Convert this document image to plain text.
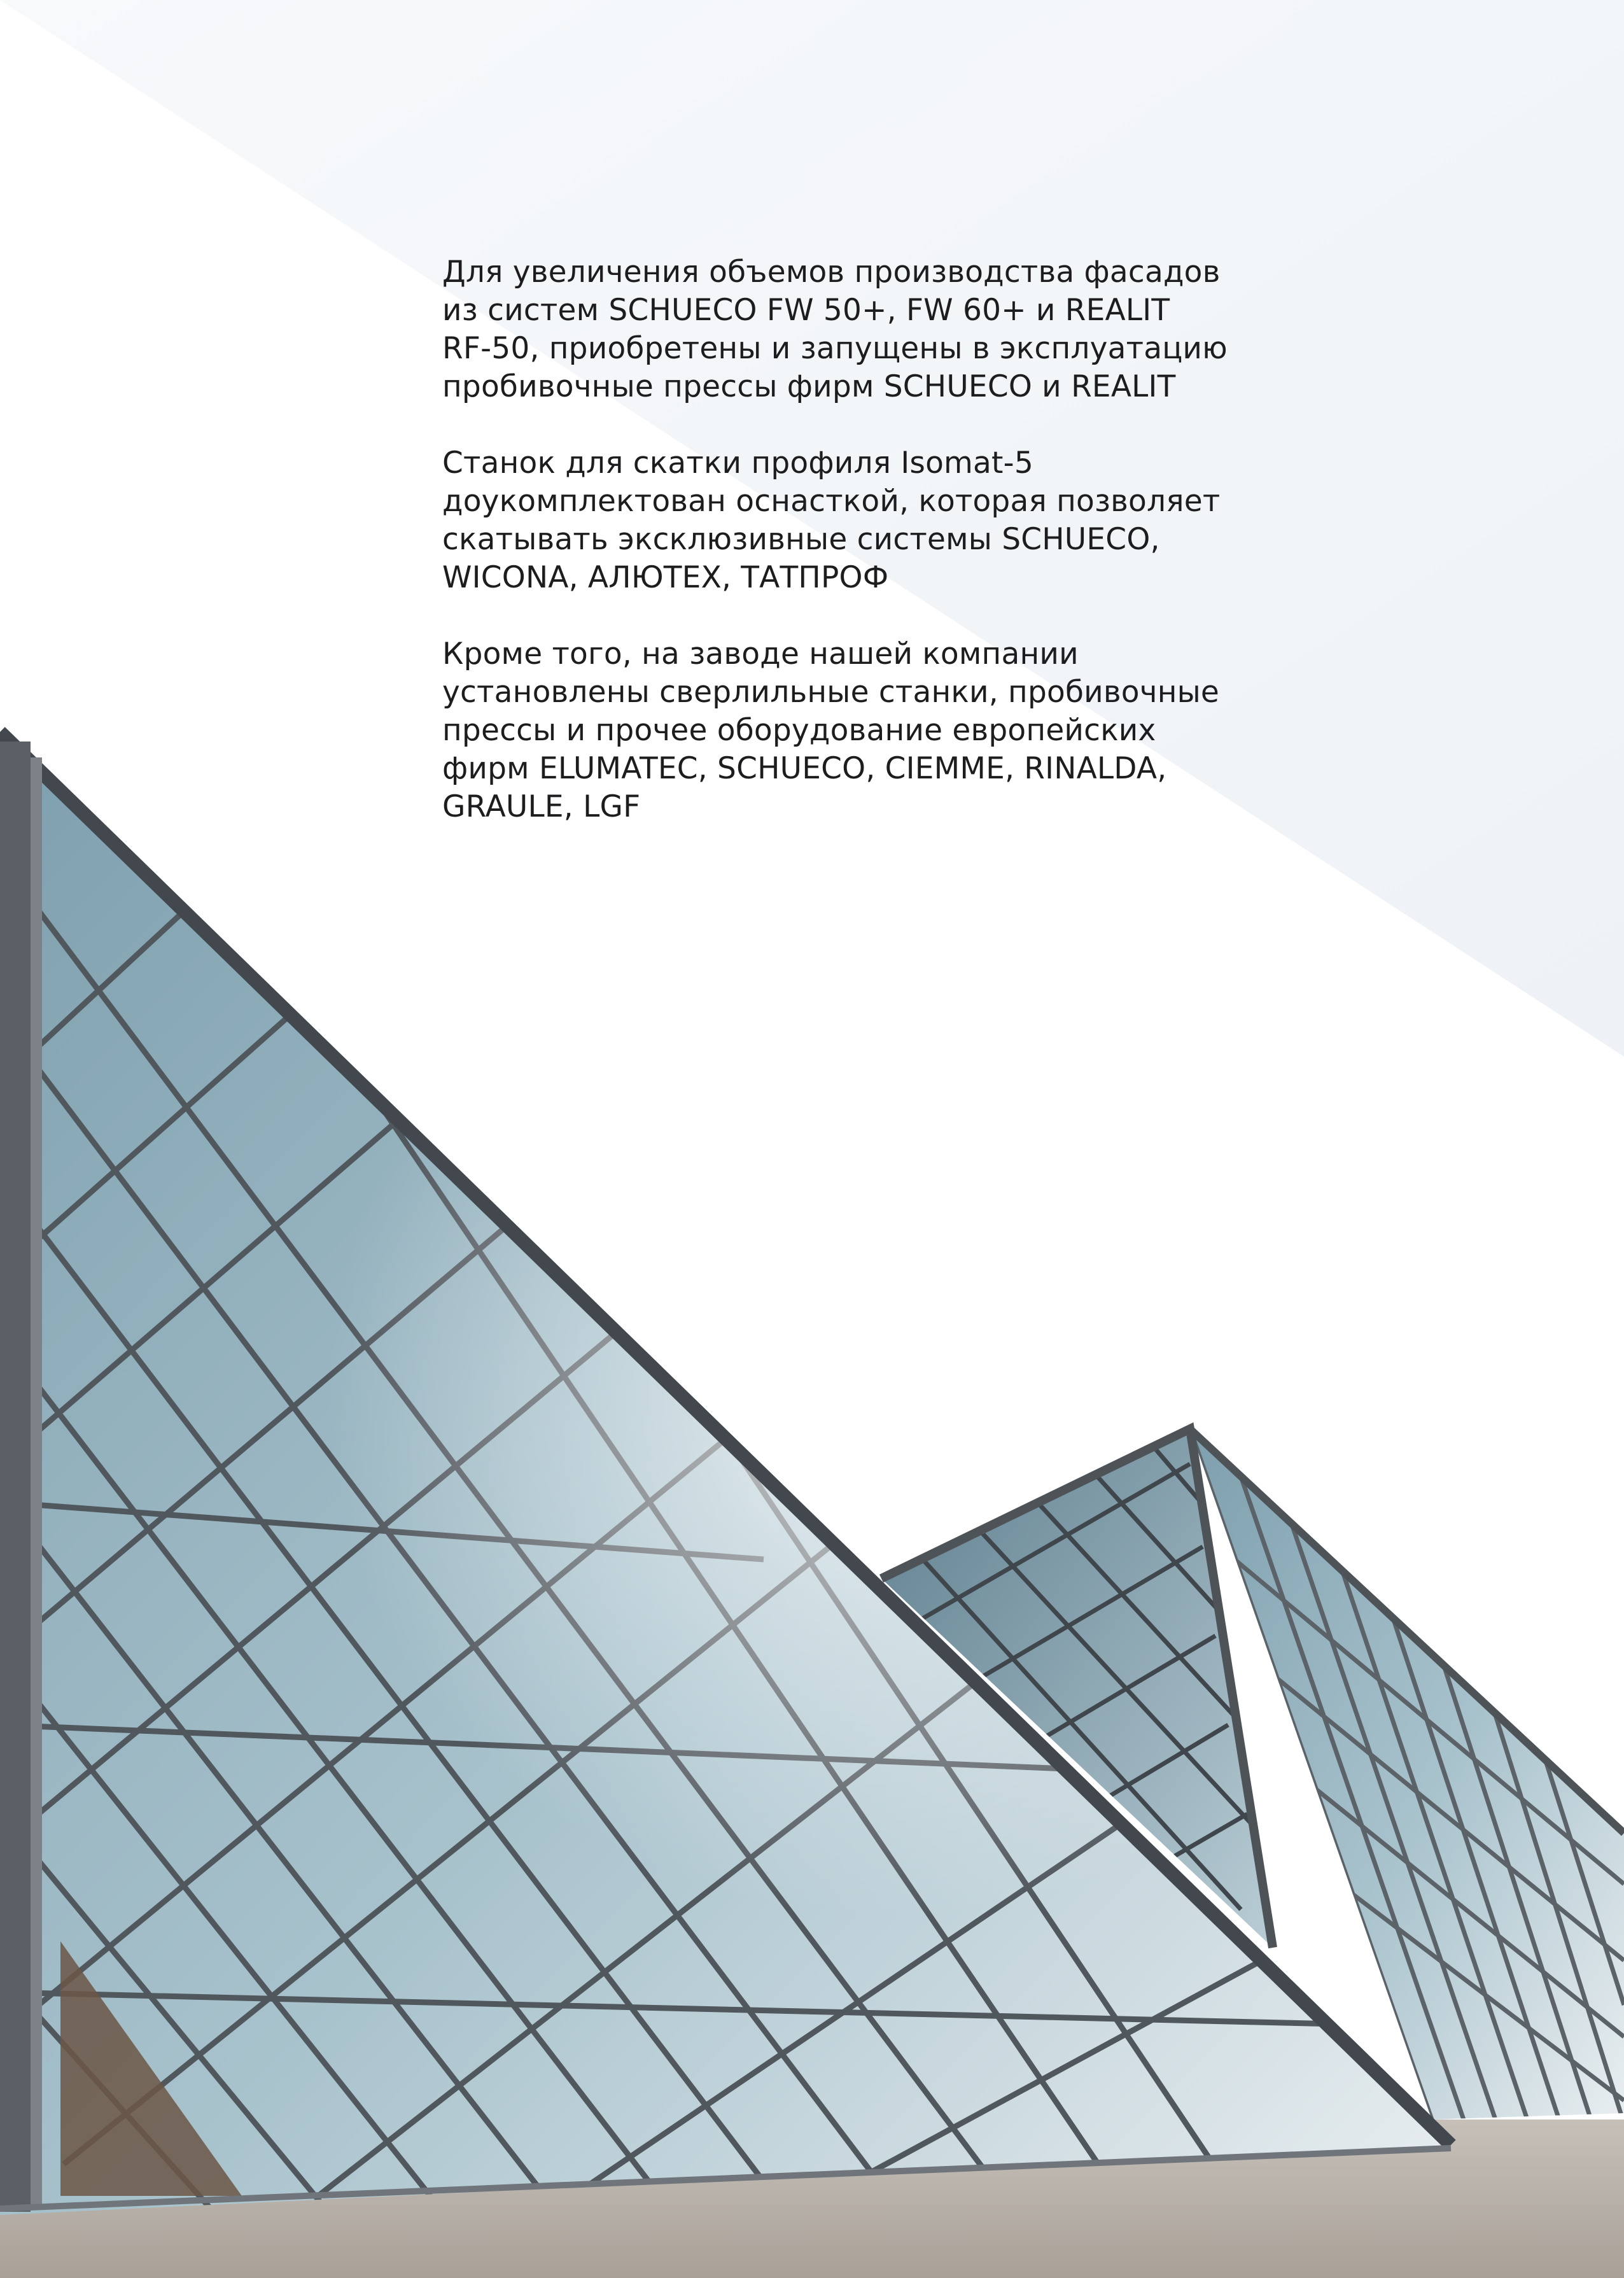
Для увеличения объемов производства фасадов
из систем SCHUECO FW 50+, FW 60+ и REALIT
RF-50, приобретены и запущены в эксплуатацию
пробивочные прессы фирм SCHUECO и REALIT

Станок для скатки профиля Isomat-5
доукомплектован оснасткой, которая позволяет
скатывать эксклюзивные системы SCHUECO,
WICONA, АЛЮТЕХ, ТАТПРОФ

Кроме того, на заводе нашей компании
установлены сверлильные станки, пробивочные
прессы и прочее оборудование европейских
фирм ELUMATEC, SCHUECO, CIEMME, RINALDA,
GRAULE, LGF
